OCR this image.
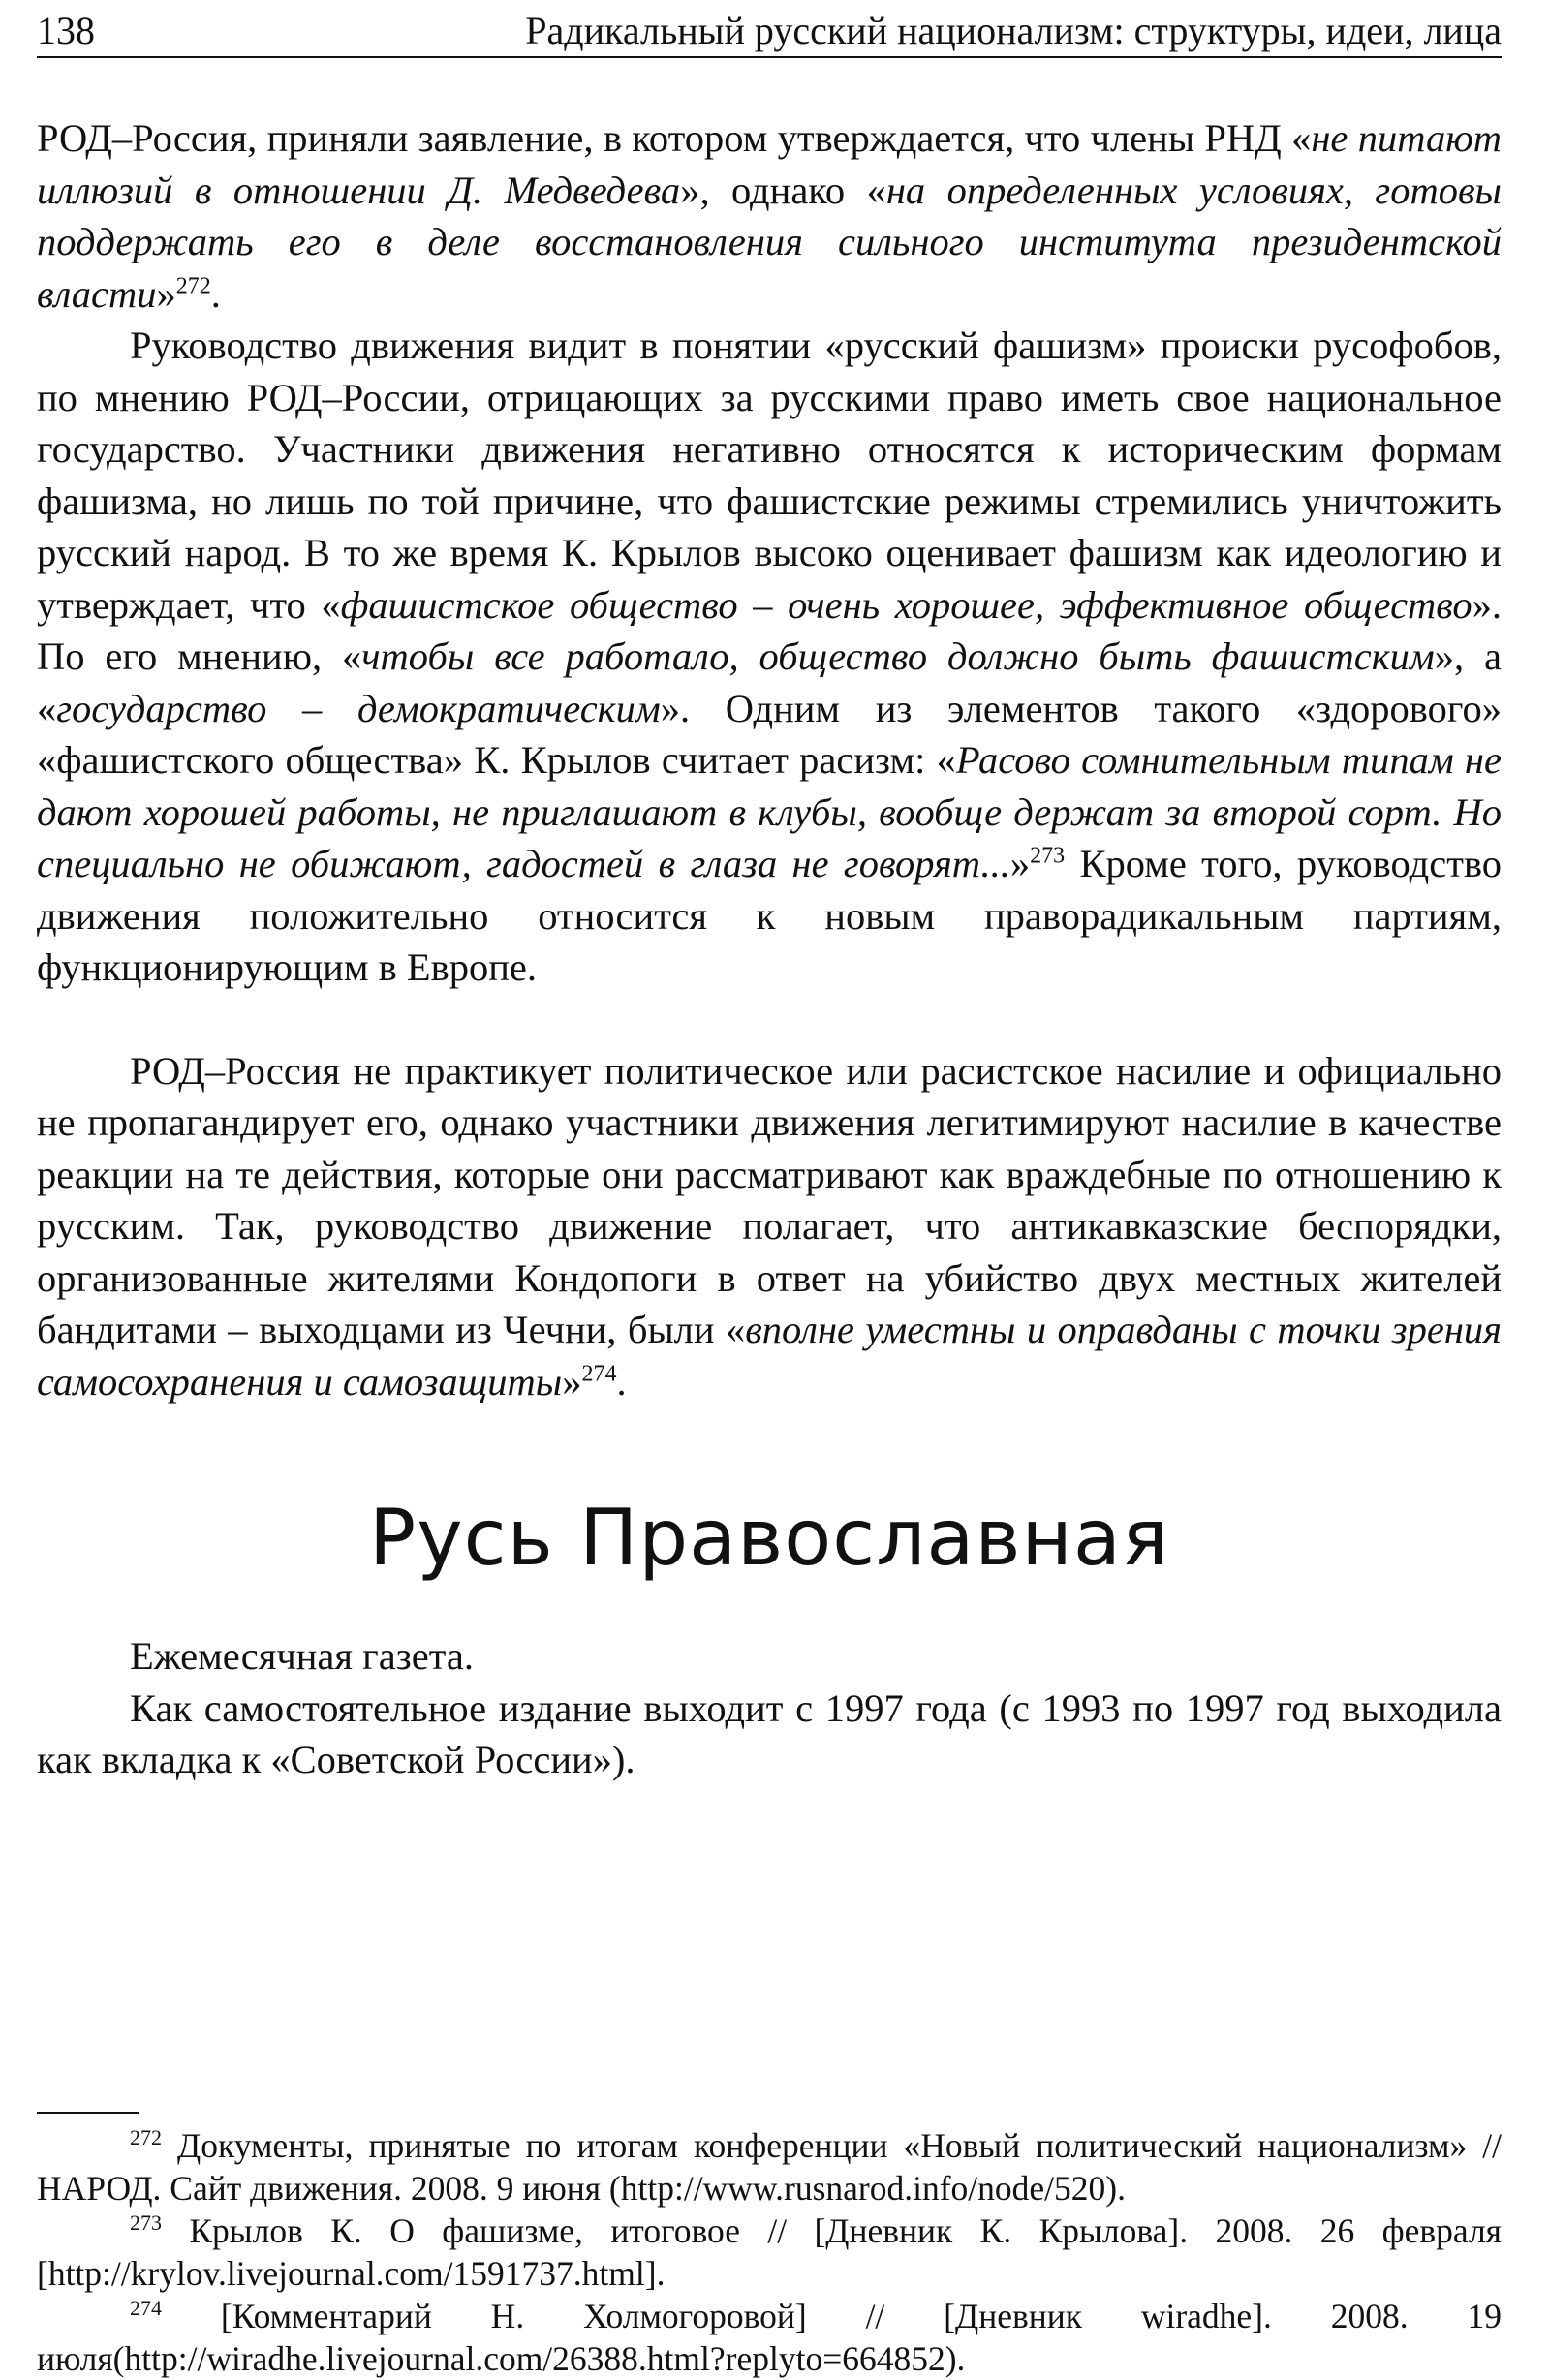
138	Радикальный русский национализм: структуры, идеи, лица

РОД–Россия, приняли заявление, в котором утверждается, что члены РНД «не питают иллюзий в отношении Д. Медведева», однако «на определенных условиях, готовы поддержать его в деле восстановления сильного института президентской власти»$^{272}$.

Руководство движения видит в понятии «русский фашизм» происки русофобов, по мнению РОД–России, отрицающих за русскими право иметь свое национальное государство. Участники движения негативно относятся к историческим формам фашизма, но лишь по той причине, что фашистские режимы стремились уничтожить русский народ. В то же время К. Крылов высоко оценивает фашизм как идеологию и утверждает, что «фашистское общество – очень хорошее, эффективное общество». По его мнению, «чтобы все работало, общество должно быть фашистским», а «государство – демократическим». Одним из элементов такого «здорового» «фашистского общества» К. Крылов считает расизм: «Расово сомнительным типам не дают хорошей работы, не приглашают в клубы, вообще держат за второй сорт. Но специально не обижают, гадостей в глаза не говорят...»$^{273}$ Кроме того, руководство движения положительно относится к новым праворадикальным партиям, функционирующим в Европе.

РОД–Россия не практикует политическое или расистское насилие и официально не пропагандирует его, однако участники движения легитимируют насилие в качестве реакции на те действия, которые они рассматривают как враждебные по отношению к русским. Так, руководство движение полагает, что антикавказские беспорядки, организованные жителями Кондопоги в ответ на убийство двух местных жителей бандитами – выходцами из Чечни, были «вполне уместны и оправданы с точки зрения самосохранения и самозащиты»$^{274}$.

Русь Православная

Ежемесячная газета.

Как самостоятельное издание выходит с 1997 года (с 1993 по 1997 год выходила как вкладка к «Советской России»).

$^{272}$ Документы, принятые по итогам конференции «Новый политический национализм» // НАРОД. Сайт движения. 2008. 9 июня (http://www.rusnarod.info/node/520).

$^{273}$ Крылов К. О фашизме, итоговое // [Дневник К. Крылова]. 2008. 26 февраля [http://krylov.livejournal.com/1591737.html].

$^{274}$ [Комментарий Н. Холмогоровой] // [Дневник wiradhe]. 2008. 19 июля(http://wiradhe.livejournal.com/26388.html?replyto=664852).
